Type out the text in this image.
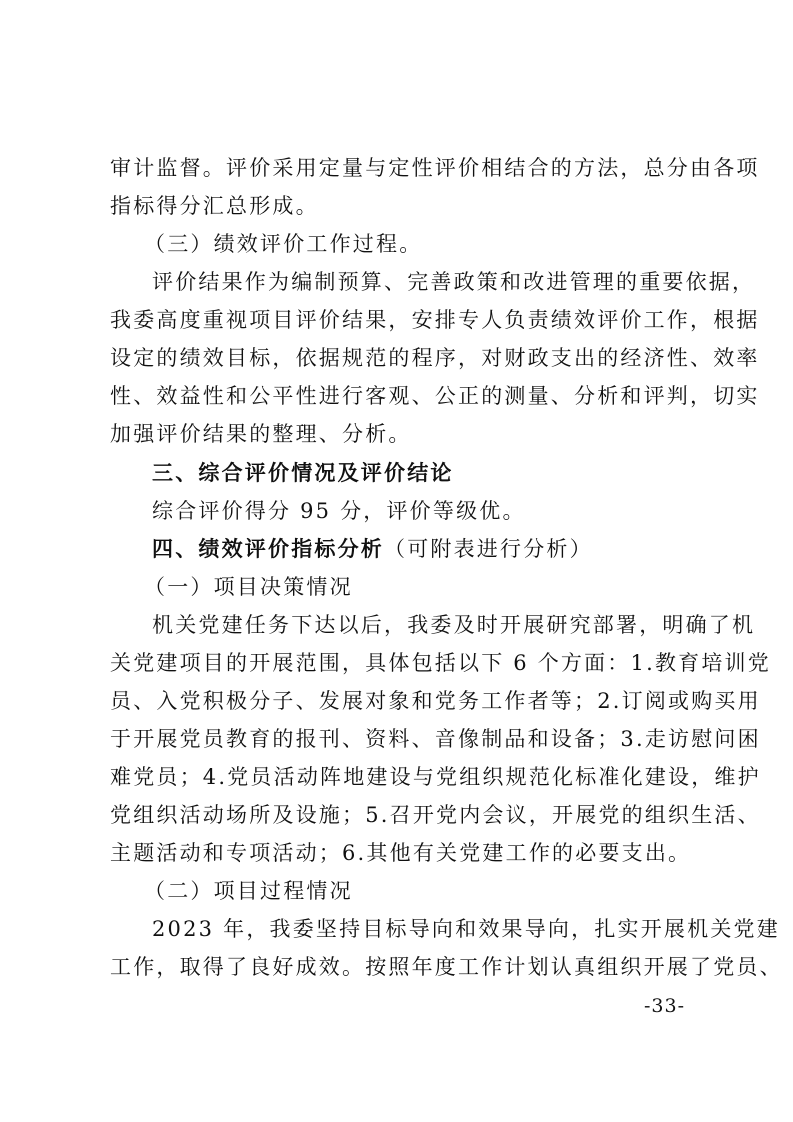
审计监督。评价采用定量与定性评价相结合的方法，总分由各项
指标得分汇总形成。
（三）绩效评价工作过程。
评价结果作为编制预算、完善政策和改进管理的重要依据，
我委高度重视项目评价结果，安排专人负责绩效评价工作，根据
设定的绩效目标，依据规范的程序，对财政支出的经济性、效率
性、效益性和公平性进行客观、公正的测量、分析和评判，切实
加强评价结果的整理、分析。
三、综合评价情况及评价结论
综合评价得分 95 分，评价等级优。
四、绩效评价指标分析（可附表进行分析）
（一）项目决策情况
机关党建任务下达以后，我委及时开展研究部署，明确了机
关党建项目的开展范围，具体包括以下 6 个方面：1.教育培训党
员、入党积极分子、发展对象和党务工作者等；2.订阅或购买用
于开展党员教育的报刊、资料、音像制品和设备；3.走访慰问困
难党员；4.党员活动阵地建设与党组织规范化标准化建设，维护
党组织活动场所及设施；5.召开党内会议，开展党的组织生活、
主题活动和专项活动；6.其他有关党建工作的必要支出。
（二）项目过程情况
2023 年，我委坚持目标导向和效果导向，扎实开展机关党建
工作，取得了良好成效。按照年度工作计划认真组织开展了党员、
-33-
